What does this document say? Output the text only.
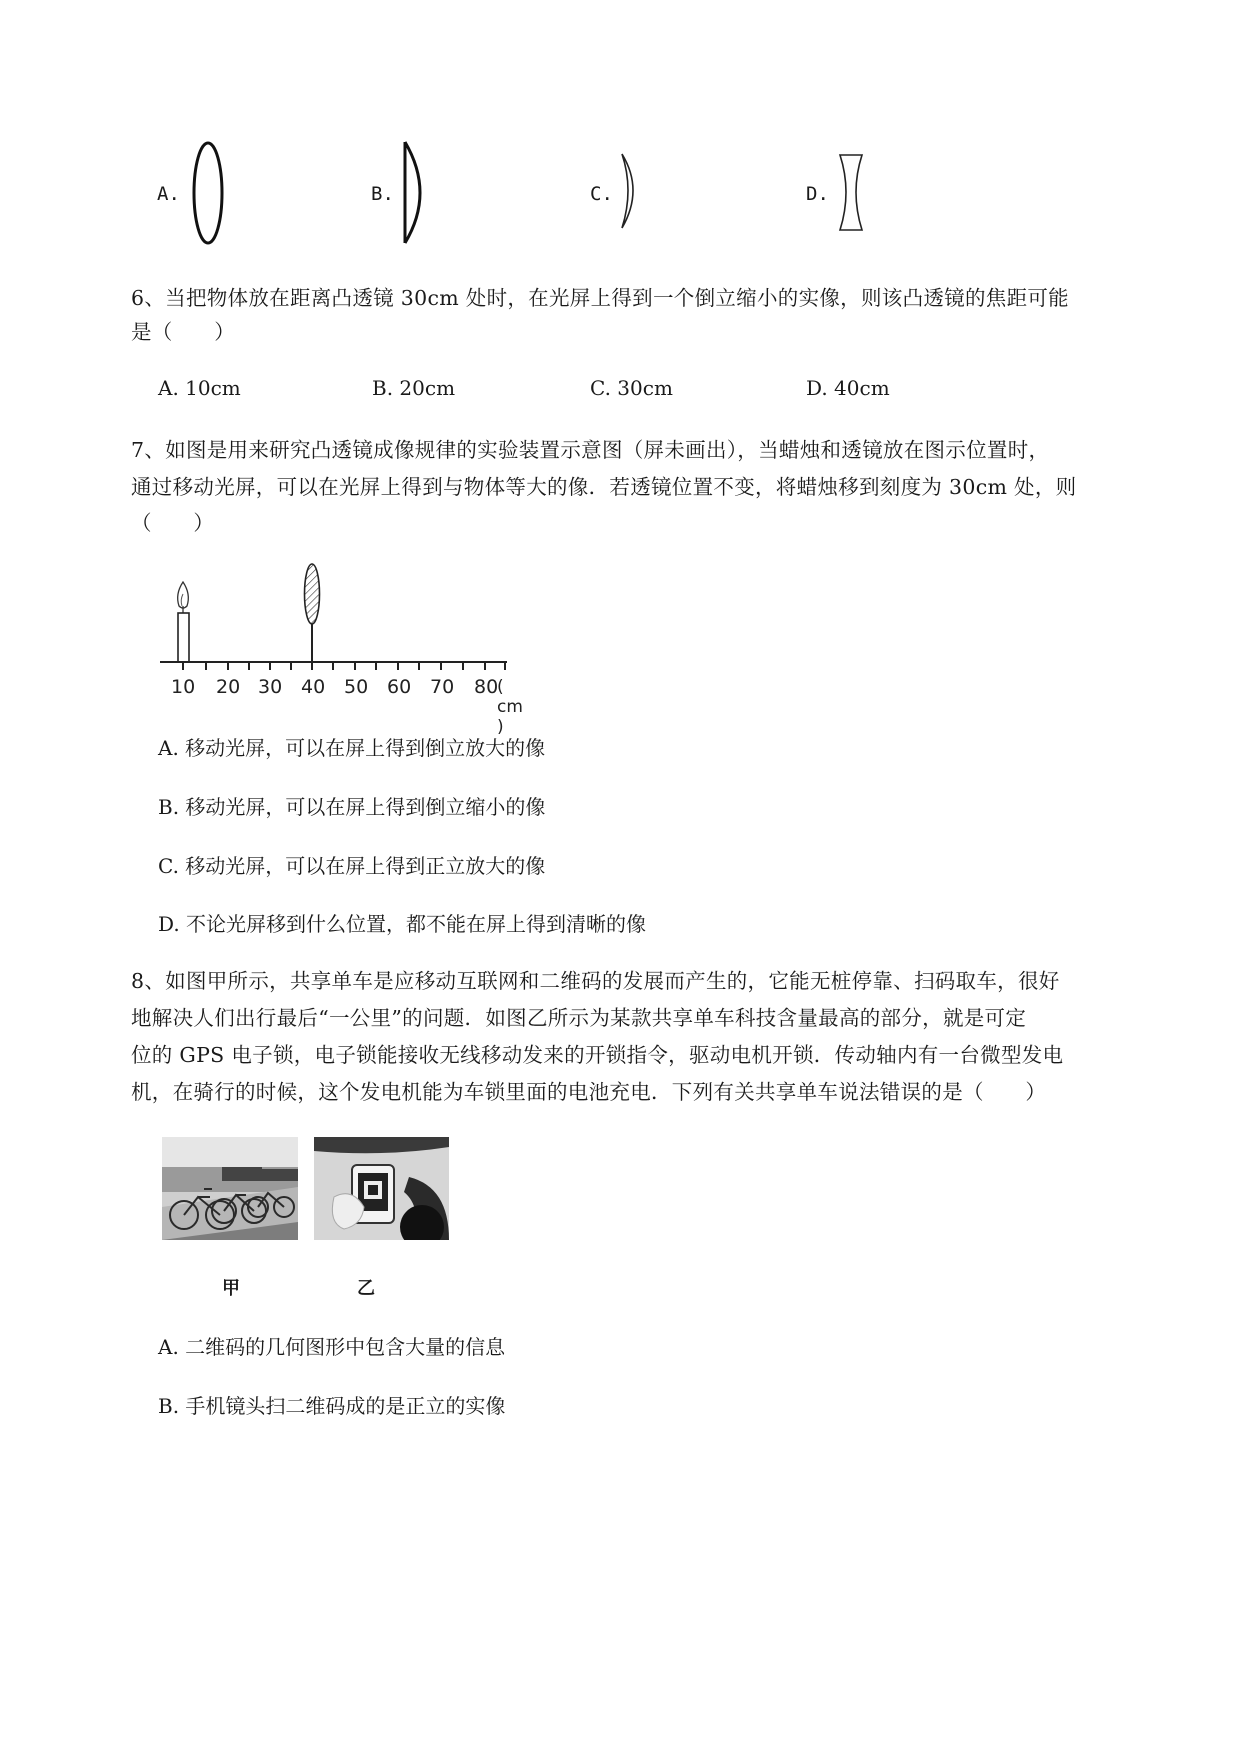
A.	B.	C.	D.
6、当把物体放在距离凸透镜 30cm 处时，在光屏上得到一个倒立缩小的实像，则该凸透镜的焦距可能
是（　　）
A. 10cm	B. 20cm	C. 30cm	D. 40cm
7、如图是用来研究凸透镜成像规律的实验装置示意图（屏未画出），当蜡烛和透镜放在图示位置时，
通过移动光屏，可以在光屏上得到与物体等大的像．若透镜位置不变，将蜡烛移到刻度为 30cm 处，则
（　　）
10 20 30 40 50 60 70 80
( cm )
A. 移动光屏，可以在屏上得到倒立放大的像
B. 移动光屏，可以在屏上得到倒立缩小的像
C. 移动光屏，可以在屏上得到正立放大的像
D. 不论光屏移到什么位置，都不能在屏上得到清晰的像
8、如图甲所示，共享单车是应移动互联网和二维码的发展而产生的，它能无桩停靠、扫码取车，很好
地解决人们出行最后“一公里”的问题．如图乙所示为某款共享单车科技含量最高的部分，就是可定
位的 GPS 电子锁，电子锁能接收无线移动发来的开锁指令，驱动电机开锁．传动轴内有一台微型发电
机，在骑行的时候，这个发电机能为车锁里面的电池充电．下列有关共享单车说法错误的是（　　）
甲	乙
A. 二维码的几何图形中包含大量的信息
B. 手机镜头扫二维码成的是正立的实像
